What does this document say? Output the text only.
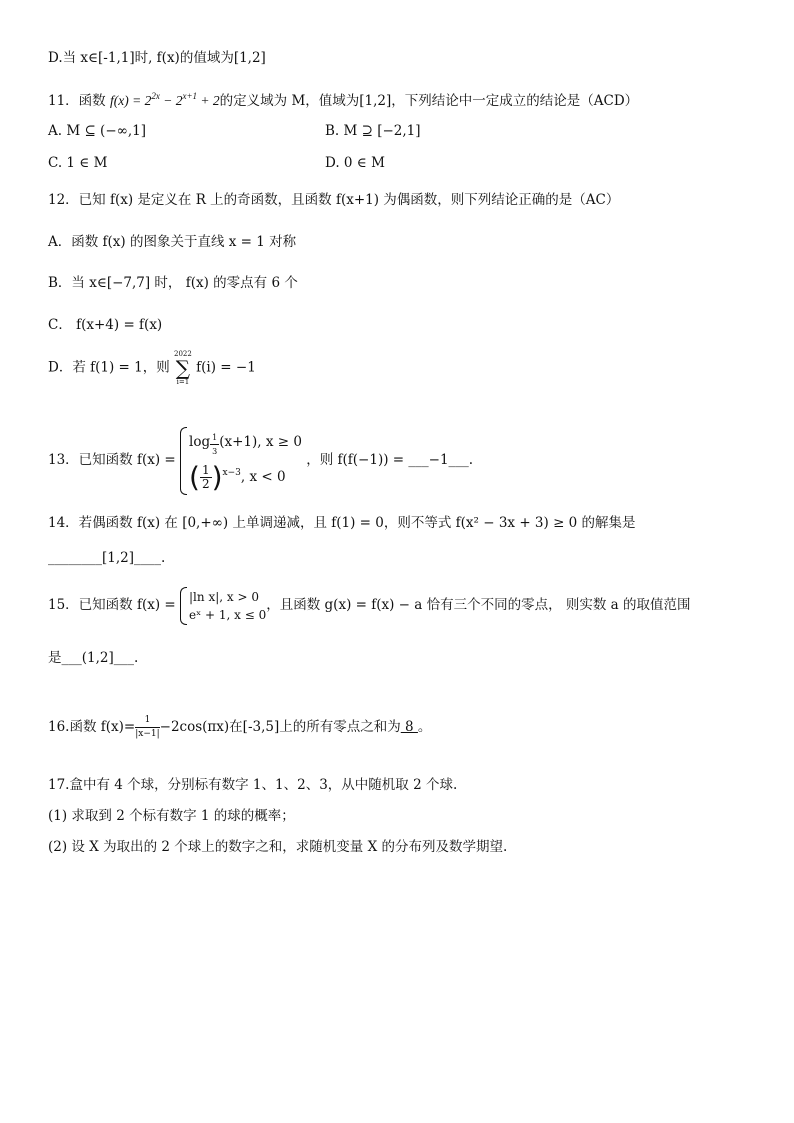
D.当 x∈[-1,1]时, f(x)的值域为[1,2]
11．函数 $f(x) = 2^{2x} - 2^{x+1} + 2$的定义域为 M，值域为[1,2]，下列结论中一定成立的结论是（ACD）
A. M ⊆ (−∞,1]	B. M ⊇ [−2,1]
C. 1 ∈ M	D. 0 ∈ M
12．已知 f(x) 是定义在 R 上的奇函数，且函数 f(x+1) 为偶函数，则下列结论正确的是（AC）
A．函数 f(x) 的图象关于直线 x = 1 对称
B．当 x∈[−7,7] 时， f(x) 的零点有 6 个
C． f(x+4) = f(x)
D．若 f(1) = 1，则
2022
∑
i=1
f(i) = −1
13．已知函数 f(x) =
$\log \frac{1}{3} (x+1)$, x ≥ 0
( $\frac{1}{2} )^{x-3}$, x < 0
，则 f(f(−1)) = ___−1___.
14．若偶函数 f(x) 在 [0,+∞) 上单调递减，且 f(1) = 0，则不等式 f(x² − 3x + 3) ≥ 0 的解集是
________[1,2]____.
15．已知函数 f(x) =
|ln x|, x > 0
eˣ + 1, x ≤ 0
，且函数 g(x) = f(x) − a 恰有三个不同的零点， 则实数 a 的取值范围
是___(1,2]___.
16.函数 $f(x)= \frac{1}{|x-1|} -2\cos(\pi x)$在[-3,5]上的所有零点之和为 8 。
17.盒中有 4 个球，分别标有数字 1、1、2、3，从中随机取 2 个球.
(1) 求取到 2 个标有数字 1 的球的概率；
(2) 设 X 为取出的 2 个球上的数字之和，求随机变量 X 的分布列及数学期望.
